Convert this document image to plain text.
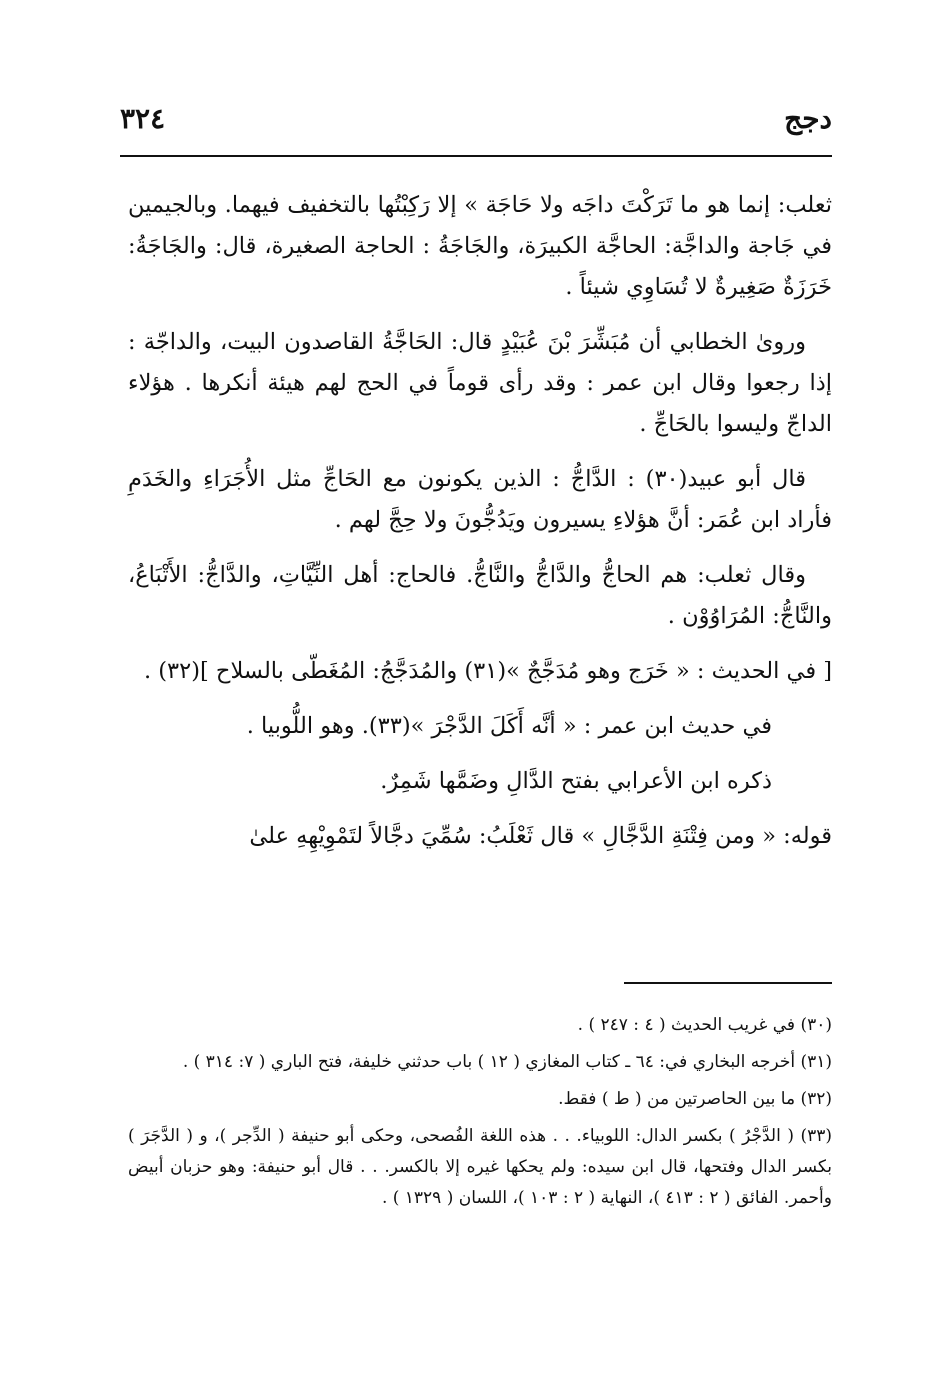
دجج
٣٢٤

ثعلب: إنما هو ما تَرَكْتَ داجَه ولا حَاجَة » إلا رَكِبْتُها بالتخفيف فيهما. وبالجيمين في جَاجة والداجَّة: الحاجَّة الكبيرَة، والجَاجَةُ : الحاجة الصغيرة، قال: والجَاجَةُ: خَرَزَةٌ صَغِيرةٌ لا تُسَاوِي شيئاً .

وروىٰ الخطابي أن مُبَشِّرَ بْنَ عُبَيْدٍ قال: الحَاجَّةُ القاصدون البيت، والداجّة : إذا رجعوا وقال ابن عمر : وقد رأى قوماً في الحج لهم هيئة أنكرها . هؤلاء الداجّ وليسوا بالحَاجِّ .

قال أبو عبيد(٣٠) : الدَّاجُّ : الذين يكونون مع الحَاجِّ مثل الأُجَرَاءِ والخَدَمِ فأراد ابن عُمَر: أنَّ هؤلاءِ يسيرون ويَدُجُّونَ ولا حِجَّ لهم .

وقال ثعلب: هم الحاجُّ والدَّاجُّ والنَّاجُّ. فالحاج: أهل النِّيَّاتِ، والدَّاجُّ: الأَتْبَاعُ، والنَّاجُّ: المُرَاوُوْن .

[ في الحديث : « خَرَج وهو مُدَجَّجٌ »(٣١) والمُدَجَّجُ: المُغَطّى بالسلاح ](٣٢) .

في حديث ابن عمر : « أنَّه أَكَلَ الدَّجْرَ »(٣٣). وهو اللُّوبيا .

ذكره ابن الأعرابي بفتح الدَّالِ وضَمَّها شَمِرٌ.

قوله: « ومن فِتْنَةِ الدَّجَّالِ » قال ثَعْلَبُ: سُمِّيَ دجَّالاً لتَمْوِيْهِهِ علىٰ

(٣٠) في غريب الحديث ( ٤ : ٢٤٧ ) .

(٣١) أخرجه البخاري في: ٦٤ ـ كتاب المغازي ( ١٢ ) باب حدثني خليفة، فتح الباري ( ٧: ٣١٤ ) .

(٣٢) ما بين الحاصرتين من ( ط ) فقط.

(٣٣) ( الدَّجْرُ ) بكسر الدال: اللوبياء. . . هذه اللغة الفُصحى، وحكى أبو حنيفة ( الدِّجر )، و ( الدَّجَرَ ) بكسر الدال وفتحها، قال ابن سيده: ولم يحكها غيره إلا بالكسر. . . قال أبو حنيفة: وهو حزبان أبيض وأحمر. الفائق ( ٢ : ٤١٣ )، النهاية ( ٢ : ١٠٣ )، اللسان ( ١٣٢٩ ) .
